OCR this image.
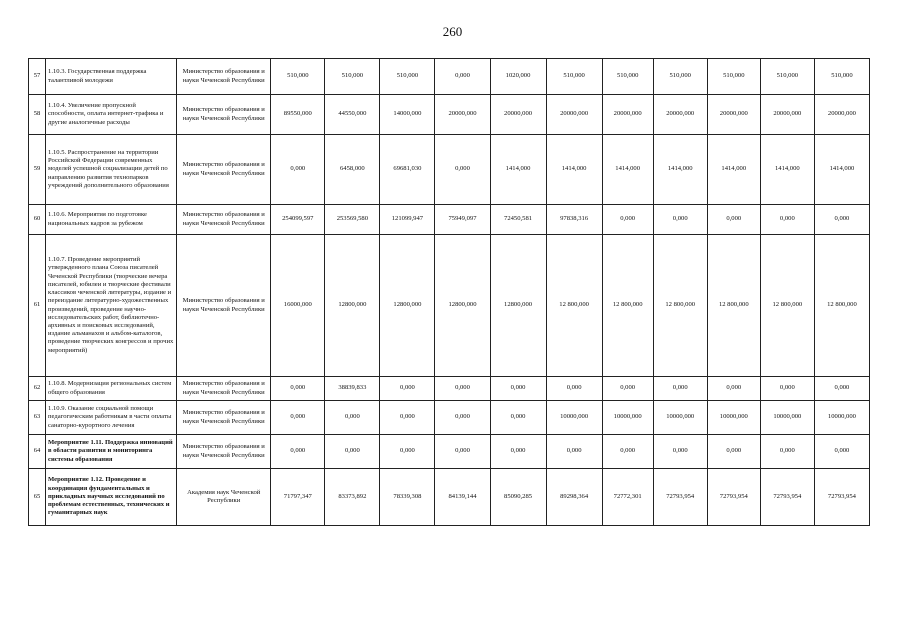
260
57	1.10.3. Государственная поддержка талантливой молодежи	Министерство образования и науки Чеченской Республики	510,000	510,000	510,000	0,000	1020,000	510,000	510,000	510,000	510,000	510,000	510,000
58	1.10.4. Увеличение пропускной способности, оплата интернет-трафика и другие аналогичные расходы	Министерство образования и науки Чеченской Республики	89550,000	44550,000	14000,000	20000,000	20000,000	20000,000	20000,000	20000,000	20000,000	20000,000	20000,000
59	1.10.5. Распространение на территории Российской Федерации современных моделей успешной социализации детей по направлению развития технопарков учреждений дополнительного образования	Министерство образования и науки Чеченской Республики	0,000	6458,000	69681,030	0,000	1414,000	1414,000	1414,000	1414,000	1414,000	1414,000	1414,000
60	1.10.6. Мероприятия по подготовке национальных кадров за рубежом	Министерство образования и науки Чеченской Республики	254099,597	253569,580	121099,947	75949,097	72450,581	97838,316	0,000	0,000	0,000	0,000	0,000
61	1.10.7. Проведение мероприятий утвержденного плана Союза писателей Чеченской Республики (творческие вечера писателей, юбилеи и творческие фестивали классиков чеченской литературы, издание и переиздание литературно-художественных произведений, проведение научно-исследовательских работ, библиотечно-архивных и поисковых исследований, издание альманахов и альбом-каталогов, проведение творческих конгрессов и прочих мероприятий)	Министерство образования и науки Чеченской Республики	16000,000	12800,000	12800,000	12800,000	12800,000	12 800,000	12 800,000	12 800,000	12 800,000	12 800,000	12 800,000
62	1.10.8. Модернизация региональных систем общего образования	Министерство образования и науки Чеченской Республики	0,000	38839,833	0,000	0,000	0,000	0,000	0,000	0,000	0,000	0,000	0,000
63	1.10.9. Оказание социальной помощи педагогическим работникам в части оплаты санаторно-курортного лечения	Министерство образования и науки Чеченской Республики	0,000	0,000	0,000	0,000	0,000	10000,000	10000,000	10000,000	10000,000	10000,000	10000,000
64	Мероприятие 1.11. Поддержка инноваций в области развития и мониторинга системы образования	Министерство образования и науки Чеченской Республики	0,000	0,000	0,000	0,000	0,000	0,000	0,000	0,000	0,000	0,000	0,000
65	Мероприятие 1.12. Проведение и координация фундаментальных и прикладных научных исследований по проблемам естественных, технических и гуманитарных наук	Академия наук Чеченской Республики	71797,347	83373,892	78339,308	84139,144	85090,285	89298,364	72772,301	72793,954	72793,954	72793,954	72793,954
